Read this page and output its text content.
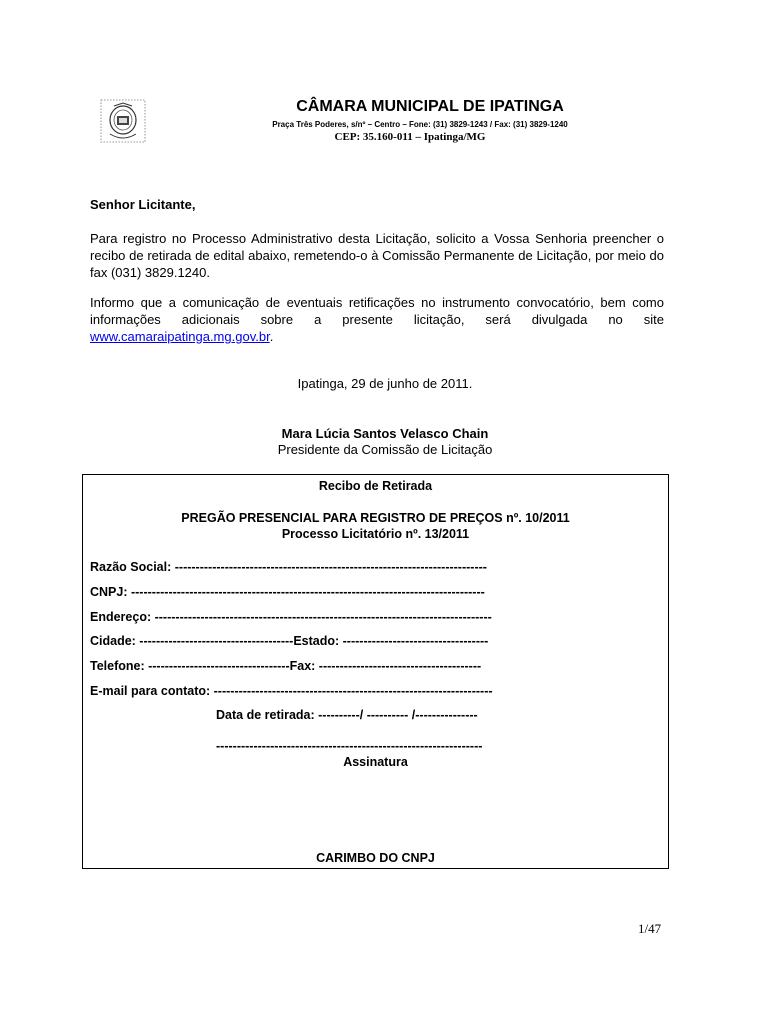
CÂMARA MUNICIPAL DE IPATINGA
Praça Três Poderes, s/nº – Centro – Fone: (31) 3829-1243 / Fax: (31) 3829-1240
CEP: 35.160-011 – Ipatinga/MG
Senhor Licitante,
Para registro no Processo Administrativo desta Licitação, solicito a Vossa Senhoria preencher o recibo de retirada de edital abaixo, remetendo-o à Comissão Permanente de Licitação, por meio do fax (031) 3829.1240.
Informo que a comunicação de eventuais retificações no instrumento convocatório, bem como informações adicionais sobre a presente licitação, será divulgada no site www.camaraipatinga.mg.gov.br.
Ipatinga, 29 de junho de 2011.
Mara Lúcia Santos Velasco Chain
Presidente da Comissão de Licitação
Recibo de Retirada
PREGÃO PRESENCIAL PARA REGISTRO DE PREÇOS nº. 10/2011
Processo Licitatório nº. 13/2011
Razão Social: ---------------------------------------------------------------------------
CNPJ: -------------------------------------------------------------------------------------
Endereço: ---------------------------------------------------------------------------------
Cidade: -------------------------------------Estado: -----------------------------------
Telefone: ----------------------------------Fax: ---------------------------------------
E-mail para contato: -------------------------------------------------------------------
Data de retirada: ----------/ ---------- /---------------
----------------------------------------------------------------
Assinatura
CARIMBO DO CNPJ
1/47
